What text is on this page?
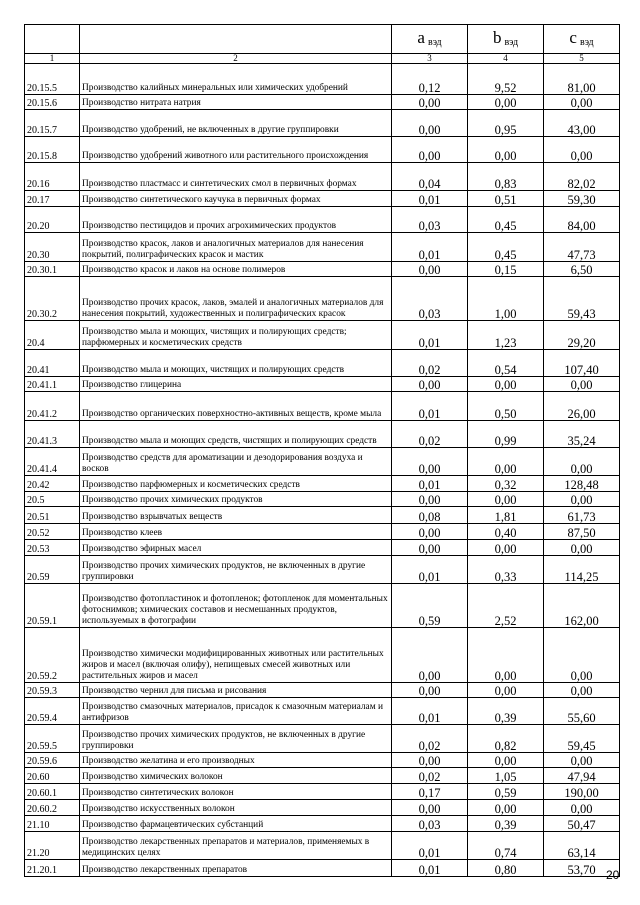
		a вэд	b вэд	c вэд
1	2	3	4	5
20.15.5	Производство калийных минеральных или химических удобрений	0,12	9,52	81,00
20.15.6	Производство нитрата натрия	0,00	0,00	0,00
20.15.7	Производство удобрений, не включенных в другие группировки	0,00	0,95	43,00
20.15.8	Производство удобрений животного или растительного происхождения	0,00	0,00	0,00
20.16	Производство пластмасс и синтетических смол в первичных формах	0,04	0,83	82,02
20.17	Производство синтетического каучука в первичных формах	0,01	0,51	59,30
20.20	Производство пестицидов и прочих агрохимических продуктов	0,03	0,45	84,00
20.30	Производство красок, лаков и аналогичных материалов для нанесения покрытий, полиграфических красок и мастик	0,01	0,45	47,73
20.30.1	Производство красок и лаков на основе полимеров	0,00	0,15	6,50
20.30.2	Производство прочих красок, лаков, эмалей и аналогичных материалов для нанесения покрытий, художественных и полиграфических красок	0,03	1,00	59,43
20.4	Производство мыла и моющих, чистящих и полирующих средств; парфюмерных и косметических средств	0,01	1,23	29,20
20.41	Производство мыла и моющих, чистящих и полирующих средств	0,02	0,54	107,40
20.41.1	Производство глицерина	0,00	0,00	0,00
20.41.2	Производство органических поверхностно-активных веществ, кроме мыла	0,01	0,50	26,00
20.41.3	Производство мыла и моющих средств, чистящих и полирующих средств	0,02	0,99	35,24
20.41.4	Производство средств для ароматизации и дезодорирования воздуха и восков	0,00	0,00	0,00
20.42	Производство парфюмерных и косметических средств	0,01	0,32	128,48
20.5	Производство прочих химических продуктов	0,00	0,00	0,00
20.51	Производство взрывчатых веществ	0,08	1,81	61,73
20.52	Производство клеев	0,00	0,40	87,50
20.53	Производство эфирных масел	0,00	0,00	0,00
20.59	Производство прочих химических продуктов, не включенных в другие группировки	0,01	0,33	114,25
20.59.1	Производство фотопластинок и фотопленок; фотопленок для моментальных фотоснимков; химических составов и несмешанных продуктов, используемых в фотографии	0,59	2,52	162,00
20.59.2	Производство химически модифицированных животных или растительных жиров и масел (включая олифу), непищевых смесей животных или растительных жиров и масел	0,00	0,00	0,00
20.59.3	Производство чернил для письма и рисования	0,00	0,00	0,00
20.59.4	Производство смазочных материалов, присадок к смазочным материалам и антифризов	0,01	0,39	55,60
20.59.5	Производство прочих химических продуктов, не включенных в другие группировки	0,02	0,82	59,45
20.59.6	Производство желатина и его производных	0,00	0,00	0,00
20.60	Производство химических волокон	0,02	1,05	47,94
20.60.1	Производство синтетических волокон	0,17	0,59	190,00
20.60.2	Производство искусственных волокон	0,00	0,00	0,00
21.10	Производство фармацевтических субстанций	0,03	0,39	50,47
21.20	Производство лекарственных препаратов и материалов, применяемых в медицинских целях	0,01	0,74	63,14
21.20.1	Производство лекарственных препаратов	0,01	0,80	53,70 20
